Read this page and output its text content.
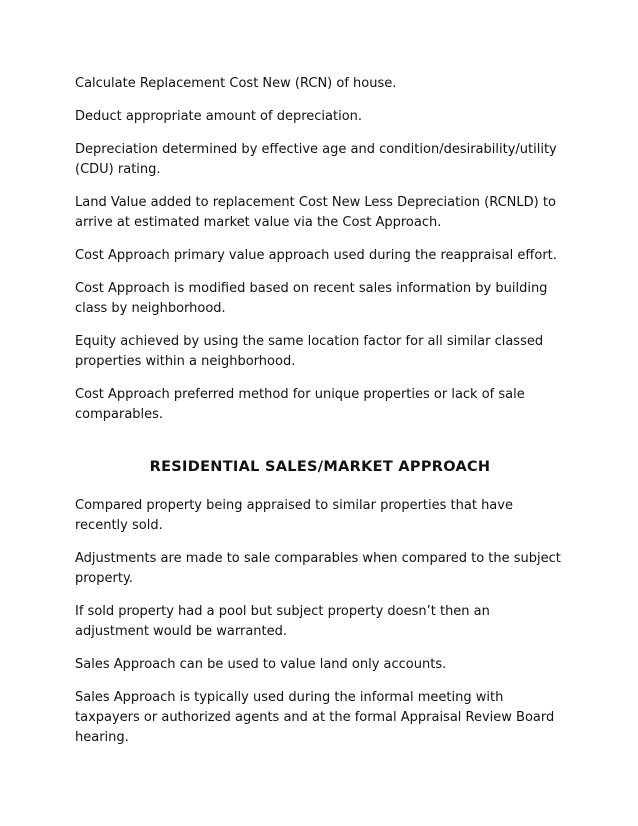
Calculate Replacement Cost New (RCN) of house.

Deduct appropriate amount of depreciation.

Depreciation determined by effective age and condition/desirability/utility (CDU) rating.

Land Value added to replacement Cost New Less Depreciation (RCNLD) to arrive at estimated market value via the Cost Approach.

Cost Approach primary value approach used during the reappraisal effort.

Cost Approach is modified based on recent sales information by building class by neighborhood.

Equity achieved by using the same location factor for all similar classed properties within a neighborhood.

Cost Approach preferred method for unique properties or lack of sale comparables.

RESIDENTIAL SALES/MARKET APPROACH

Compared property being appraised to similar properties that have recently sold.

Adjustments are made to sale comparables when compared to the subject property.

If sold property had a pool but subject property doesn’t then an adjustment would be warranted.

Sales Approach can be used to value land only accounts.

Sales Approach is typically used during the informal meeting with taxpayers or authorized agents and at the formal Appraisal Review Board hearing.
